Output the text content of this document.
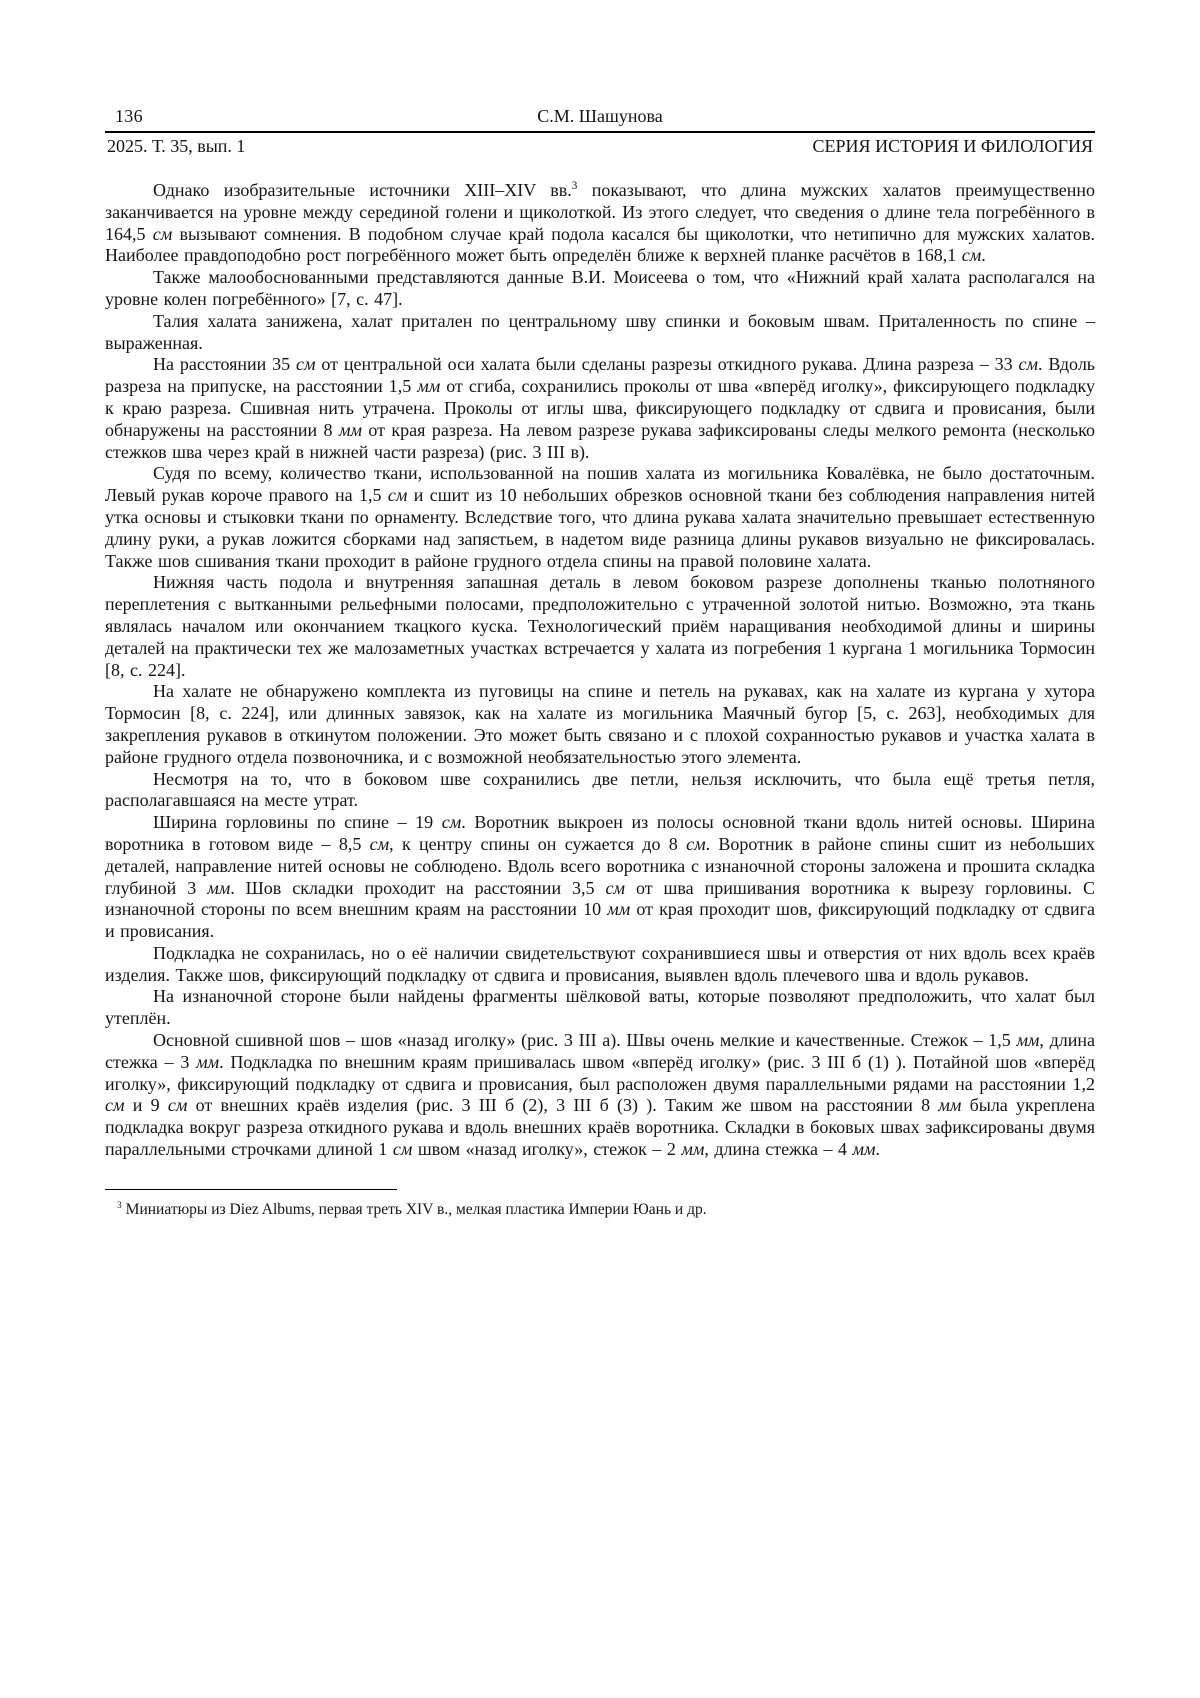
136	С.М. Шашунова
2025. Т. 35, вып. 1	СЕРИЯ ИСТОРИЯ И ФИЛОЛОГИЯ

Однако изобразительные источники XIII–XIV вв.$^3$ показывают, что длина мужских халатов преимущественно заканчивается на уровне между серединой голени и щиколоткой. Из этого следует, что сведения о длине тела погребённого в 164,5 см вызывают сомнения. В подобном случае край подола касался бы щиколотки, что нетипично для мужских халатов. Наиболее правдоподобно рост погребённого может быть определён ближе к верхней планке расчётов в 168,1 см.

Также малообоснованными представляются данные В.И. Моисеева о том, что «Нижний край халата располагался на уровне колен погребённого» [7, с. 47].

Талия халата занижена, халат притален по центральному шву спинки и боковым швам. Приталенность по спине – выраженная.

На расстоянии 35 см от центральной оси халата были сделаны разрезы откидного рукава. Длина разреза – 33 см. Вдоль разреза на припуске, на расстоянии 1,5 мм от сгиба, сохранились проколы от шва «вперёд иголку», фиксирующего подкладку к краю разреза. Сшивная нить утрачена. Проколы от иглы шва, фиксирующего подкладку от сдвига и провисания, были обнаружены на расстоянии 8 мм от края разреза. На левом разрезе рукава зафиксированы следы мелкого ремонта (несколько стежков шва через край в нижней части разреза) (рис. 3 III в).

Судя по всему, количество ткани, использованной на пошив халата из могильника Ковалёвка, не было достаточным. Левый рукав короче правого на 1,5 см и сшит из 10 небольших обрезков основной ткани без соблюдения направления нитей утка основы и стыковки ткани по орнаменту. Вследствие того, что длина рукава халата значительно превышает естественную длину руки, а рукав ложится сборками над запястьем, в надетом виде разница длины рукавов визуально не фиксировалась. Также шов сшивания ткани проходит в районе грудного отдела спины на правой половине халата.

Нижняя часть подола и внутренняя запашная деталь в левом боковом разрезе дополнены тканью полотняного переплетения с вытканными рельефными полосами, предположительно с утраченной золотой нитью. Возможно, эта ткань являлась началом или окончанием ткацкого куска. Технологический приём наращивания необходимой длины и ширины деталей на практически тех же малозаметных участках встречается у халата из погребения 1 кургана 1 могильника Тормосин [8, с. 224].

На халате не обнаружено комплекта из пуговицы на спине и петель на рукавах, как на халате из кургана у хутора Тормосин [8, с. 224], или длинных завязок, как на халате из могильника Маячный бугор [5, с. 263], необходимых для закрепления рукавов в откинутом положении. Это может быть связано и с плохой сохранностью рукавов и участка халата в районе грудного отдела позвоночника, и с возможной необязательностью этого элемента.

Несмотря на то, что в боковом шве сохранились две петли, нельзя исключить, что была ещё третья петля, располагавшаяся на месте утрат.

Ширина горловины по спине – 19 см. Воротник выкроен из полосы основной ткани вдоль нитей основы. Ширина воротника в готовом виде – 8,5 см, к центру спины он сужается до 8 см. Воротник в районе спины сшит из небольших деталей, направление нитей основы не соблюдено. Вдоль всего воротника с изнаночной стороны заложена и прошита складка глубиной 3 мм. Шов складки проходит на расстоянии 3,5 см от шва пришивания воротника к вырезу горловины. С изнаночной стороны по всем внешним краям на расстоянии 10 мм от края проходит шов, фиксирующий подкладку от сдвига и провисания.

Подкладка не сохранилась, но о её наличии свидетельствуют сохранившиеся швы и отверстия от них вдоль всех краёв изделия. Также шов, фиксирующий подкладку от сдвига и провисания, выявлен вдоль плечевого шва и вдоль рукавов.

На изнаночной стороне были найдены фрагменты шёлковой ваты, которые позволяют предположить, что халат был утеплён.

Основной сшивной шов – шов «назад иголку» (рис. 3 III а). Швы очень мелкие и качественные. Стежок – 1,5 мм, длина стежка – 3 мм. Подкладка по внешним краям пришивалась швом «вперёд иголку» (рис. 3 III б (1) ). Потайной шов «вперёд иголку», фиксирующий подкладку от сдвига и провисания, был расположен двумя параллельными рядами на расстоянии 1,2 см и 9 см от внешних краёв изделия (рис. 3 III б (2), 3 III б (3) ). Таким же швом на расстоянии 8 мм была укреплена подкладка вокруг разреза откидного рукава и вдоль внешних краёв воротника. Складки в боковых швах зафиксированы двумя параллельными строчками длиной 1 см швом «назад иголку», стежок – 2 мм, длина стежка – 4 мм.

$^3$ Миниатюры из Diez Albums, первая треть XIV в., мелкая пластика Империи Юань и др.
